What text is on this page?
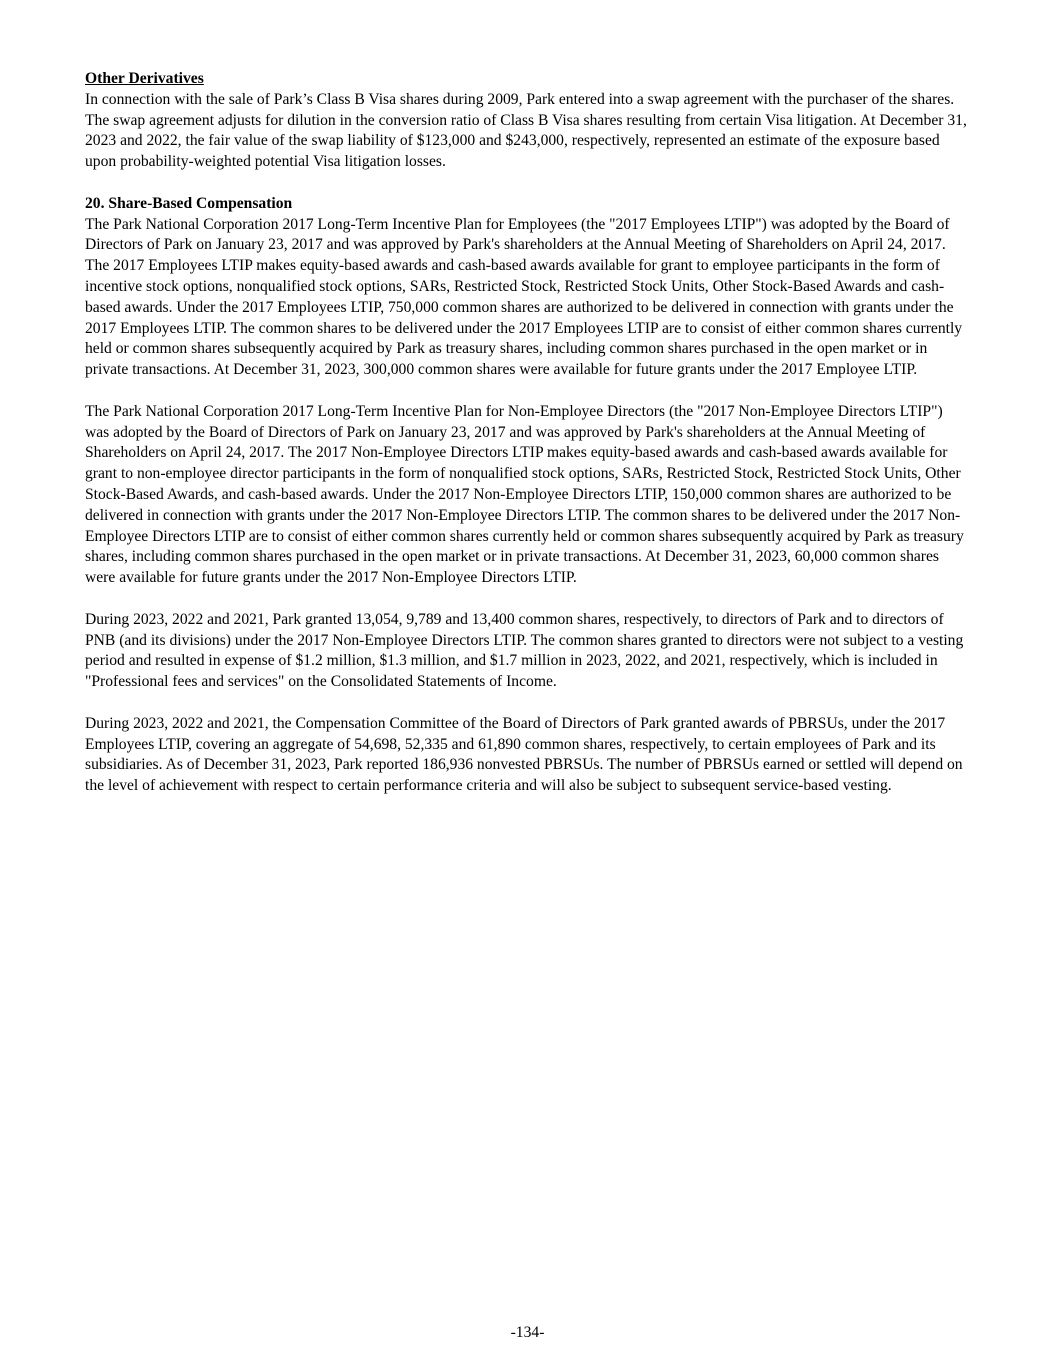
Other Derivatives

In connection with the sale of Park’s Class B Visa shares during 2009, Park entered into a swap agreement with the purchaser of the shares. The swap agreement adjusts for dilution in the conversion ratio of Class B Visa shares resulting from certain Visa litigation. At December 31, 2023 and 2022, the fair value of the swap liability of $123,000 and $243,000, respectively, represented an estimate of the exposure based upon probability-weighted potential Visa litigation losses.

20. Share-Based Compensation

The Park National Corporation 2017 Long-Term Incentive Plan for Employees (the "2017 Employees LTIP") was adopted by the Board of Directors of Park on January 23, 2017 and was approved by Park's shareholders at the Annual Meeting of Shareholders on April 24, 2017. The 2017 Employees LTIP makes equity-based awards and cash-based awards available for grant to employee participants in the form of incentive stock options, nonqualified stock options, SARs, Restricted Stock, Restricted Stock Units, Other Stock-Based Awards and cash-based awards. Under the 2017 Employees LTIP, 750,000 common shares are authorized to be delivered in connection with grants under the 2017 Employees LTIP. The common shares to be delivered under the 2017 Employees LTIP are to consist of either common shares currently held or common shares subsequently acquired by Park as treasury shares, including common shares purchased in the open market or in private transactions. At December 31, 2023, 300,000 common shares were available for future grants under the 2017 Employee LTIP.

The Park National Corporation 2017 Long-Term Incentive Plan for Non-Employee Directors (the "2017 Non-Employee Directors LTIP") was adopted by the Board of Directors of Park on January 23, 2017 and was approved by Park's shareholders at the Annual Meeting of Shareholders on April 24, 2017. The 2017 Non-Employee Directors LTIP makes equity-based awards and cash-based awards available for grant to non-employee director participants in the form of nonqualified stock options, SARs, Restricted Stock, Restricted Stock Units, Other Stock-Based Awards, and cash-based awards. Under the 2017 Non-Employee Directors LTIP, 150,000 common shares are authorized to be delivered in connection with grants under the 2017 Non-Employee Directors LTIP. The common shares to be delivered under the 2017 Non-Employee Directors LTIP are to consist of either common shares currently held or common shares subsequently acquired by Park as treasury shares, including common shares purchased in the open market or in private transactions. At December 31, 2023, 60,000 common shares were available for future grants under the 2017 Non-Employee Directors LTIP.

During 2023, 2022 and 2021, Park granted 13,054, 9,789 and 13,400 common shares, respectively, to directors of Park and to directors of PNB (and its divisions) under the 2017 Non-Employee Directors LTIP. The common shares granted to directors were not subject to a vesting period and resulted in expense of $1.2 million, $1.3 million, and $1.7 million in 2023, 2022, and 2021, respectively, which is included in "Professional fees and services" on the Consolidated Statements of Income.

During 2023, 2022 and 2021, the Compensation Committee of the Board of Directors of Park granted awards of PBRSUs, under the 2017 Employees LTIP, covering an aggregate of 54,698, 52,335 and 61,890 common shares, respectively, to certain employees of Park and its subsidiaries. As of December 31, 2023, Park reported 186,936 nonvested PBRSUs. The number of PBRSUs earned or settled will depend on the level of achievement with respect to certain performance criteria and will also be subject to subsequent service-based vesting.

-134-
